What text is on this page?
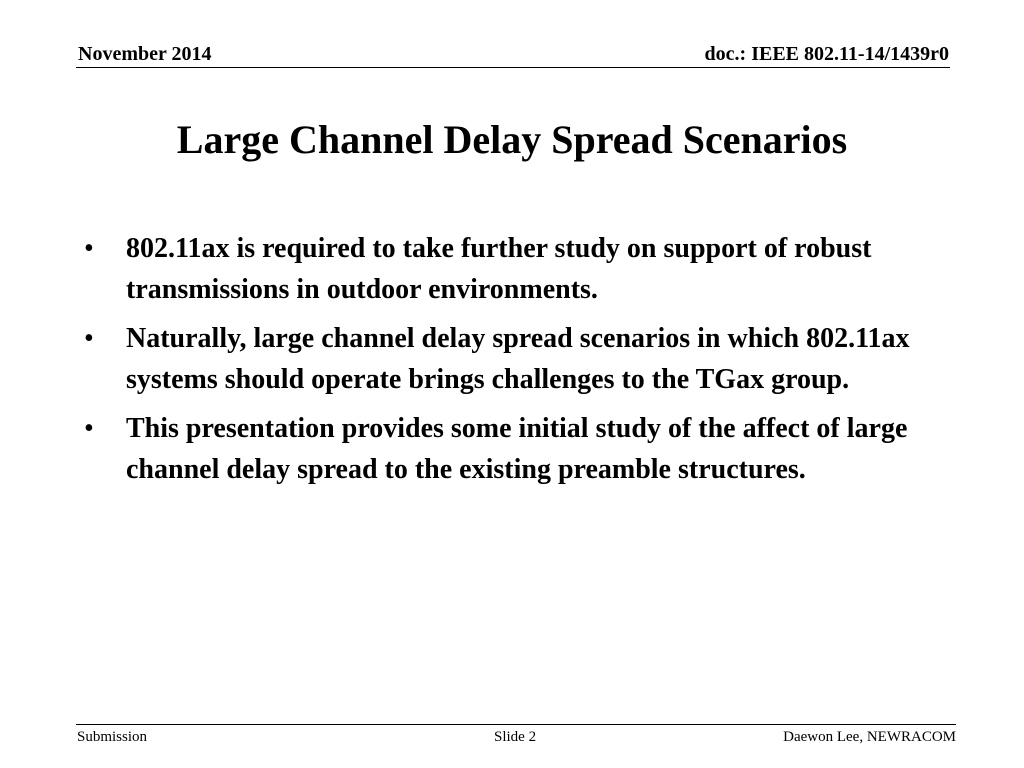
November 2014	doc.: IEEE 802.11-14/1439r0
Large Channel Delay Spread Scenarios
• 802.11ax is required to take further study on support of robust transmissions in outdoor environments.
• Naturally, large channel delay spread scenarios in which 802.11ax systems should operate brings challenges to the TGax group.
• This presentation provides some initial study of the affect of large channel delay spread to the existing preamble structures.
Submission	Slide 2	Daewon Lee, NEWRACOM
